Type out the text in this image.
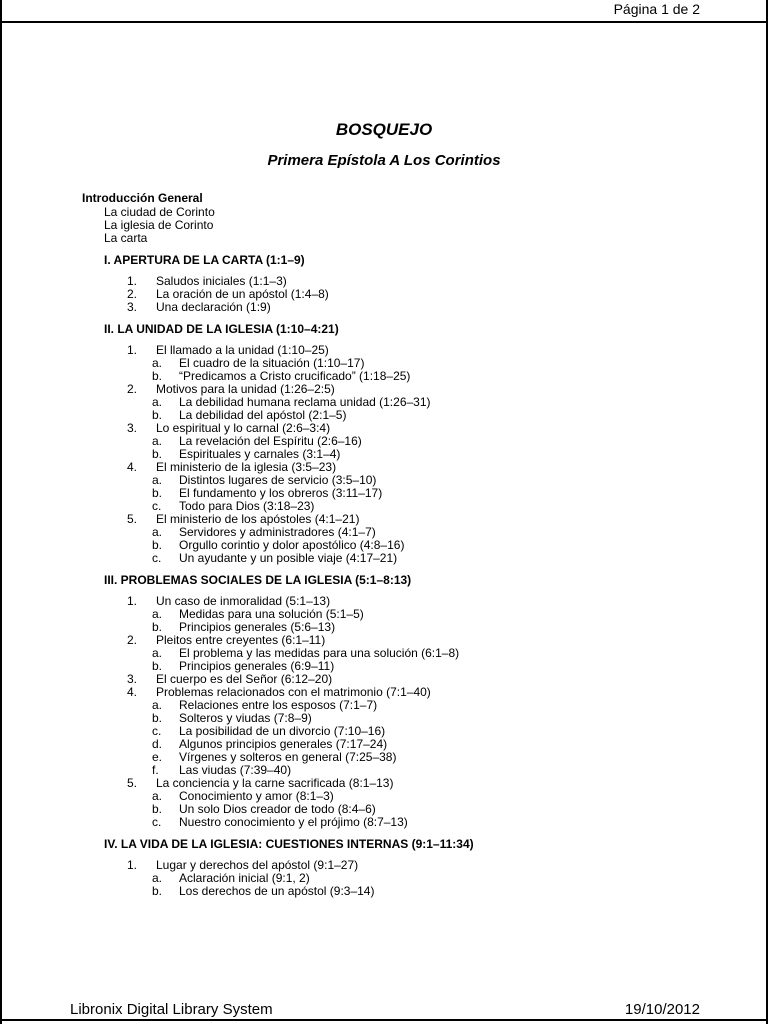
Página 1 de 2
BOSQUEJO
Primera Epístola A Los Corintios
Introducción General
La ciudad de Corinto
La iglesia de Corinto
La carta
I. APERTURA DE LA CARTA (1:1–9)
1.	Saludos iniciales (1:1–3)
2.	La oración de un apóstol (1:4–8)
3.	Una declaración (1:9)
II. LA UNIDAD DE LA IGLESIA (1:10–4:21)
1.	El llamado a la unidad (1:10–25)
a.	El cuadro de la situación (1:10–17)
b.	“Predicamos a Cristo crucificado” (1:18–25)
2.	Motivos para la unidad (1:26–2:5)
a.	La debilidad humana reclama unidad (1:26–31)
b.	La debilidad del apóstol (2:1–5)
3.	Lo espiritual y lo carnal (2:6–3:4)
a.	La revelación del Espíritu (2:6–16)
b.	Espirituales y carnales (3:1–4)
4.	El ministerio de la iglesia (3:5–23)
a.	Distintos lugares de servicio (3:5–10)
b.	El fundamento y los obreros (3:11–17)
c.	Todo para Dios (3:18–23)
5.	El ministerio de los apóstoles (4:1–21)
a.	Servidores y administradores (4:1–7)
b.	Orgullo corintio y dolor apostólico (4:8–16)
c.	Un ayudante y un posible viaje (4:17–21)
III. PROBLEMAS SOCIALES DE LA IGLESIA (5:1–8:13)
1.	Un caso de inmoralidad (5:1–13)
a.	Medidas para una solución (5:1–5)
b.	Principios generales (5:6–13)
2.	Pleitos entre creyentes (6:1–11)
a.	El problema y las medidas para una solución (6:1–8)
b.	Principios generales (6:9–11)
3.	El cuerpo es del Señor (6:12–20)
4.	Problemas relacionados con el matrimonio (7:1–40)
a.	Relaciones entre los esposos (7:1–7)
b.	Solteros y viudas (7:8–9)
c.	La posibilidad de un divorcio (7:10–16)
d.	Algunos principios generales (7:17–24)
e.	Vírgenes y solteros en general (7:25–38)
f.	Las viudas (7:39–40)
5.	La conciencia y la carne sacrificada (8:1–13)
a.	Conocimiento y amor (8:1–3)
b.	Un solo Dios creador de todo (8:4–6)
c.	Nuestro conocimiento y el prójimo (8:7–13)
IV. LA VIDA DE LA IGLESIA: CUESTIONES INTERNAS (9:1–11:34)
1.	Lugar y derechos del apóstol (9:1–27)
a.	Aclaración inicial (9:1, 2)
b.	Los derechos de un apóstol (9:3–14)
Libronix Digital Library System	19/10/2012
